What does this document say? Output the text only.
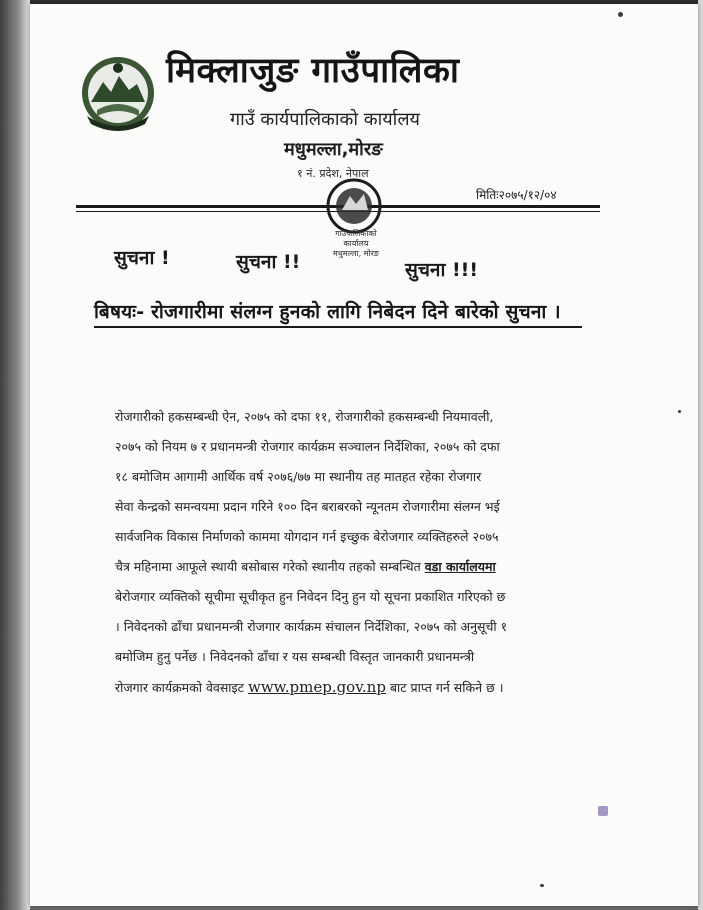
मिक्लाजुङ गाउँपालिका
गाउँ कार्यपालिकाको कार्यालय
मधुमल्ला,मोरङ
१ नं. प्रदेश, नेपाल
मितिः२०७५/१२/०४
गाउँपालिकाको
कार्यालय
मधुमल्ला, मोरङ
सुचना !	सुचना !!	सुचना !!!
बिषयः- रोजगारीमा संलग्न हुनको लागि निबेदन दिने बारेको सुचना ।
रोजगारीको हकसम्बन्धी ऐन, २०७५ को दफा ११, रोजगारीको हकसम्बन्धी नियमावली,
२०७५ को नियम ७ र प्रधानमन्त्री रोजगार कार्यक्रम सञ्चालन निर्देशिका, २०७५ को दफा
१८ बमोजिम आगामी आर्थिक वर्ष २०७६/७७ मा स्थानीय तह मातहत रहेका रोजगार
सेवा केन्द्रको समन्वयमा प्रदान गरिने १०० दिन बराबरको न्यूनतम रोजगारीमा संलग्न भई
सार्वजनिक विकास निर्माणको काममा योगदान गर्न इच्छुक बेरोजगार व्यक्तिहरुले २०७५
चैत्र महिनामा आफूले स्थायी बसोबास गरेको स्थानीय तहको सम्बन्धित वडा कार्यालयमा
बेरोजगार व्यक्तिको सूचीमा सूचीकृत हुन निवेदन दिनु हुन यो सूचना प्रकाशित गरिएको छ
। निवेदनको ढाँचा प्रधानमन्त्री रोजगार कार्यक्रम संचालन निर्देशिका, २०७५ को अनुसूची १
बमोजिम हुनु पर्नेछ । निवेदनको ढाँचा र यस सम्बन्धी विस्तृत जानकारी प्रधानमन्त्री
रोजगार कार्यक्रमको वेवसाइट www.pmep.gov.np बाट प्राप्त गर्न सकिने छ ।
